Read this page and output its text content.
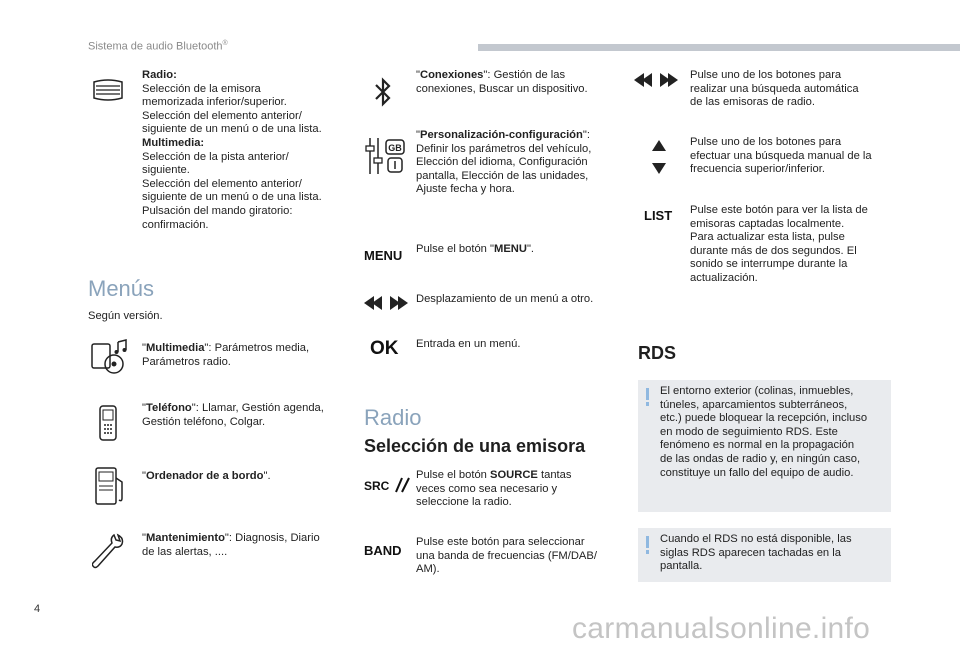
Sistema de audio Bluetooth®
Radio:
Selección de la emisora
memorizada inferior/superior.
Selección del elemento anterior/
siguiente de un menú o de una lista.
Multimedia:
Selección de la pista anterior/
siguiente.
Selección del elemento anterior/
siguiente de un menú o de una lista.
Pulsación del mando giratorio:
confirmación.
Menús
Según versión.
"Multimedia": Parámetros media,
Parámetros radio.
"Teléfono": Llamar, Gestión agenda,
Gestión teléfono, Colgar.
"Ordenador de a bordo".
"Mantenimiento": Diagnosis, Diario
de las alertas, ....
"Conexiones": Gestión de las
conexiones, Buscar un dispositivo.
GB
"Personalización-configuración":
Definir los parámetros del vehículo,
Elección del idioma, Configuración
pantalla, Elección de las unidades,
Ajuste fecha y hora.
MENU Pulse el botón "MENU".
Desplazamiento de un menú a otro.
OK Entrada en un menú.
Radio
Selección de una emisora
SRC
Pulse el botón SOURCE tantas
veces como sea necesario y
seleccione la radio.
BAND
Pulse este botón para seleccionar
una banda de frecuencias (FM/DAB/
AM).
Pulse uno de los botones para
realizar una búsqueda automática
de las emisoras de radio.
Pulse uno de los botones para
efectuar una búsqueda manual de la
frecuencia superior/inferior.
LIST Pulse este botón para ver la lista de
emisoras captadas localmente.
Para actualizar esta lista, pulse
durante más de dos segundos. El
sonido se interrumpe durante la
actualización.
RDS
El entorno exterior (colinas, inmuebles,
túneles, aparcamientos subterráneos,
etc.) puede bloquear la recepción, incluso
en modo de seguimiento RDS. Este
fenómeno es normal en la propagación
de las ondas de radio y, en ningún caso,
constituye un fallo del equipo de audio.
Cuando el RDS no está disponible, las
siglas RDS aparecen tachadas en la
pantalla.
4
carmanualsonline.info
